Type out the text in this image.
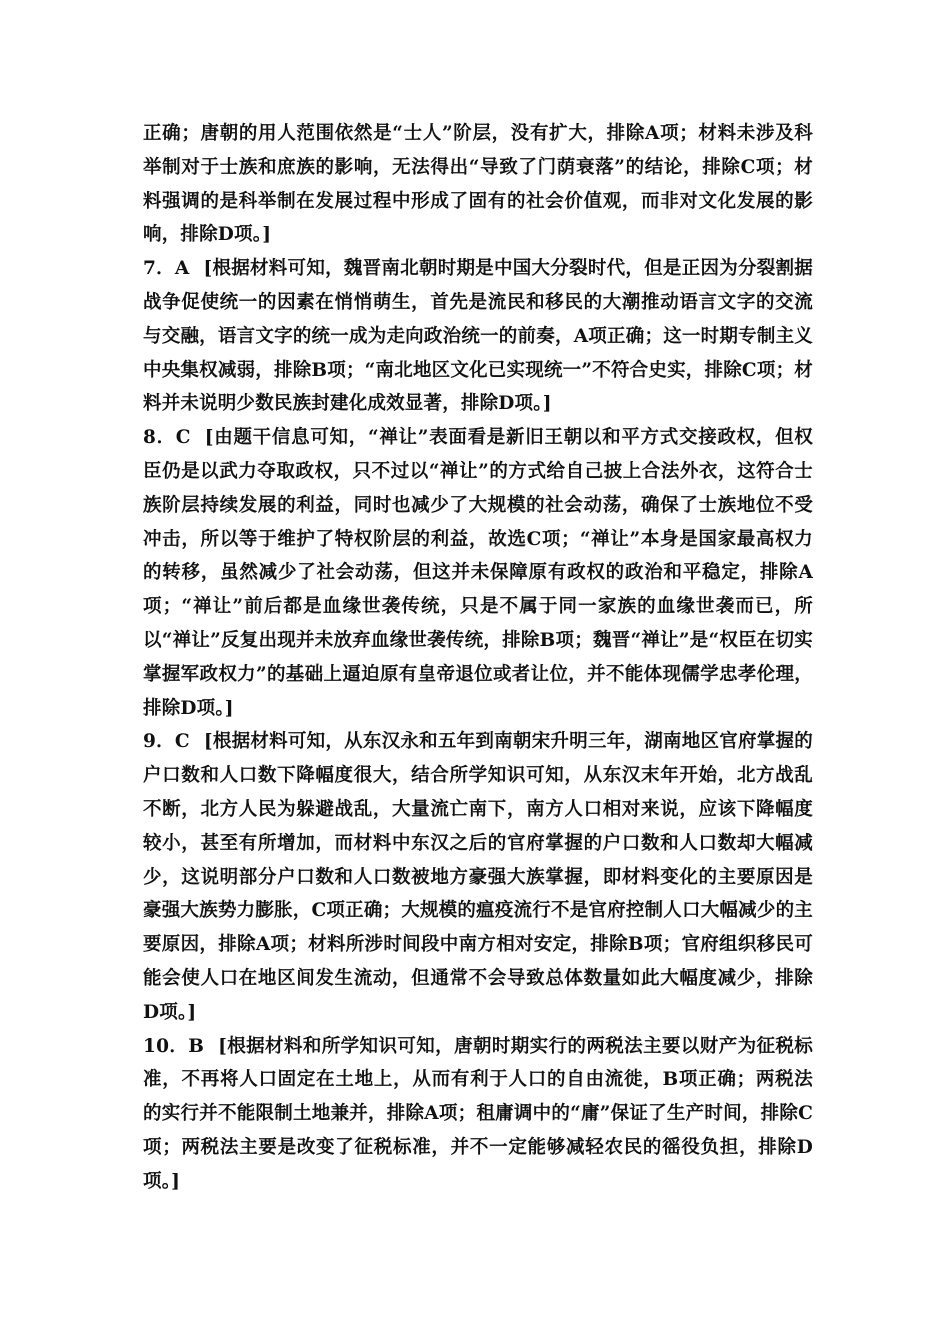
正确；唐朝的用人范围依然是“士人”阶层，没有扩大，排除A项；材料未涉及科举制对于士族和庶族的影响，无法得出“导致了门荫衰落”的结论，排除C项；材料强调的是科举制在发展过程中形成了固有的社会价值观，而非对文化发展的影响，排除D项。]

7．A [根据材料可知，魏晋南北朝时期是中国大分裂时代，但是正因为分裂割据战争促使统一的因素在悄悄萌生，首先是流民和移民的大潮推动语言文字的交流与交融，语言文字的统一成为走向政治统一的前奏，A项正确；这一时期专制主义中央集权减弱，排除B项；“南北地区文化已实现统一”不符合史实，排除C项；材料并未说明少数民族封建化成效显著，排除D项。]

8．C [由题干信息可知，“禅让”表面看是新旧王朝以和平方式交接政权，但权臣仍是以武力夺取政权，只不过以“禅让”的方式给自己披上合法外衣，这符合士族阶层持续发展的利益，同时也减少了大规模的社会动荡，确保了士族地位不受冲击，所以等于维护了特权阶层的利益，故选C项；“禅让”本身是国家最高权力的转移，虽然减少了社会动荡，但这并未保障原有政权的政治和平稳定，排除A项；“禅让”前后都是血缘世袭传统，只是不属于同一家族的血缘世袭而已，所以“禅让”反复出现并未放弃血缘世袭传统，排除B项；魏晋“禅让”是“权臣在切实掌握军政权力”的基础上逼迫原有皇帝退位或者让位，并不能体现儒学忠孝伦理，排除D项。]

9．C [根据材料可知，从东汉永和五年到南朝宋升明三年，湖南地区官府掌握的户口数和人口数下降幅度很大，结合所学知识可知，从东汉末年开始，北方战乱不断，北方人民为躲避战乱，大量流亡南下，南方人口相对来说，应该下降幅度较小，甚至有所增加，而材料中东汉之后的官府掌握的户口数和人口数却大幅减少，这说明部分户口数和人口数被地方豪强大族掌握，即材料变化的主要原因是豪强大族势力膨胀，C项正确；大规模的瘟疫流行不是官府控制人口大幅减少的主要原因，排除A项；材料所涉时间段中南方相对安定，排除B项；官府组织移民可能会使人口在地区间发生流动，但通常不会导致总体数量如此大幅度减少，排除D项。]

10．B [根据材料和所学知识可知，唐朝时期实行的两税法主要以财产为征税标准，不再将人口固定在土地上，从而有利于人口的自由流徙，B项正确；两税法的实行并不能限制土地兼并，排除A项；租庸调中的“庸”保证了生产时间，排除C项；两税法主要是改变了征税标准，并不一定能够减轻农民的徭役负担，排除D项。]
